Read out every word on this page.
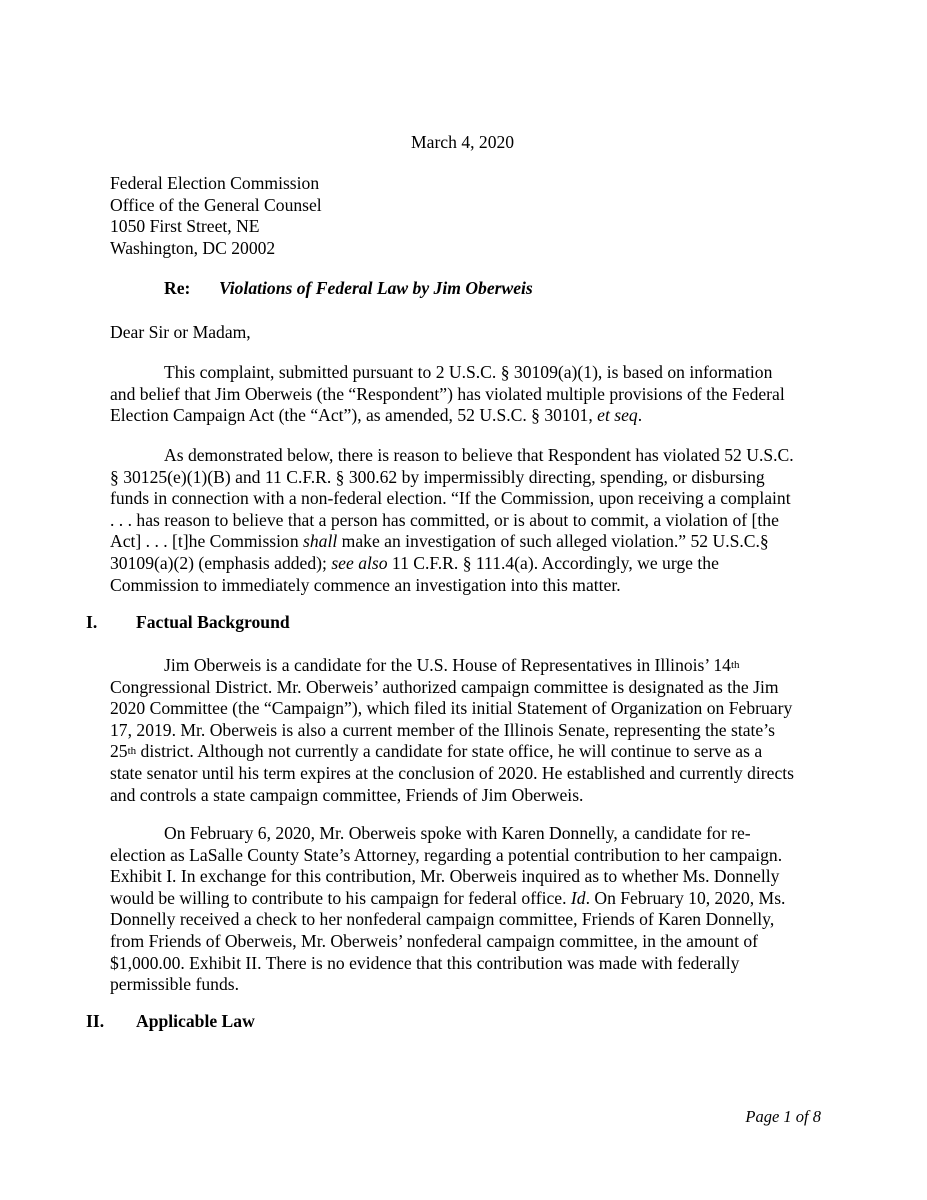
March 4, 2020
Federal Election Commission
Office of the General Counsel
1050 First Street, NE
Washington, DC 20002
Re: Violations of Federal Law by Jim Oberweis
Dear Sir or Madam,
This complaint, submitted pursuant to 2 U.S.C. § 30109(a)(1), is based on information
and belief that Jim Oberweis (the “Respondent”) has violated multiple provisions of the Federal
Election Campaign Act (the “Act”), as amended, 52 U.S.C. § 30101, et seq.
As demonstrated below, there is reason to believe that Respondent has violated 52 U.S.C.
§ 30125(e)(1)(B) and 11 C.F.R. § 300.62 by impermissibly directing, spending, or disbursing
funds in connection with a non-federal election. “If the Commission, upon receiving a complaint
. . . has reason to believe that a person has committed, or is about to commit, a violation of [the
Act] . . . [t]he Commission shall make an investigation of such alleged violation.” 52 U.S.C.§
30109(a)(2) (emphasis added); see also 11 C.F.R. § 111.4(a). Accordingly, we urge the
Commission to immediately commence an investigation into this matter.
I. Factual Background
Jim Oberweis is a candidate for the U.S. House of Representatives in Illinois’ 14th
Congressional District. Mr. Oberweis’ authorized campaign committee is designated as the Jim
2020 Committee (the “Campaign”), which filed its initial Statement of Organization on February
17, 2019. Mr. Oberweis is also a current member of the Illinois Senate, representing the state’s
25th district. Although not currently a candidate for state office, he will continue to serve as a
state senator until his term expires at the conclusion of 2020. He established and currently directs
and controls a state campaign committee, Friends of Jim Oberweis.
On February 6, 2020, Mr. Oberweis spoke with Karen Donnelly, a candidate for re-
election as LaSalle County State’s Attorney, regarding a potential contribution to her campaign.
Exhibit I. In exchange for this contribution, Mr. Oberweis inquired as to whether Ms. Donnelly
would be willing to contribute to his campaign for federal office. Id. On February 10, 2020, Ms.
Donnelly received a check to her nonfederal campaign committee, Friends of Karen Donnelly,
from Friends of Oberweis, Mr. Oberweis’ nonfederal campaign committee, in the amount of
$1,000.00. Exhibit II. There is no evidence that this contribution was made with federally
permissible funds.
II. Applicable Law
Page 1 of 8
